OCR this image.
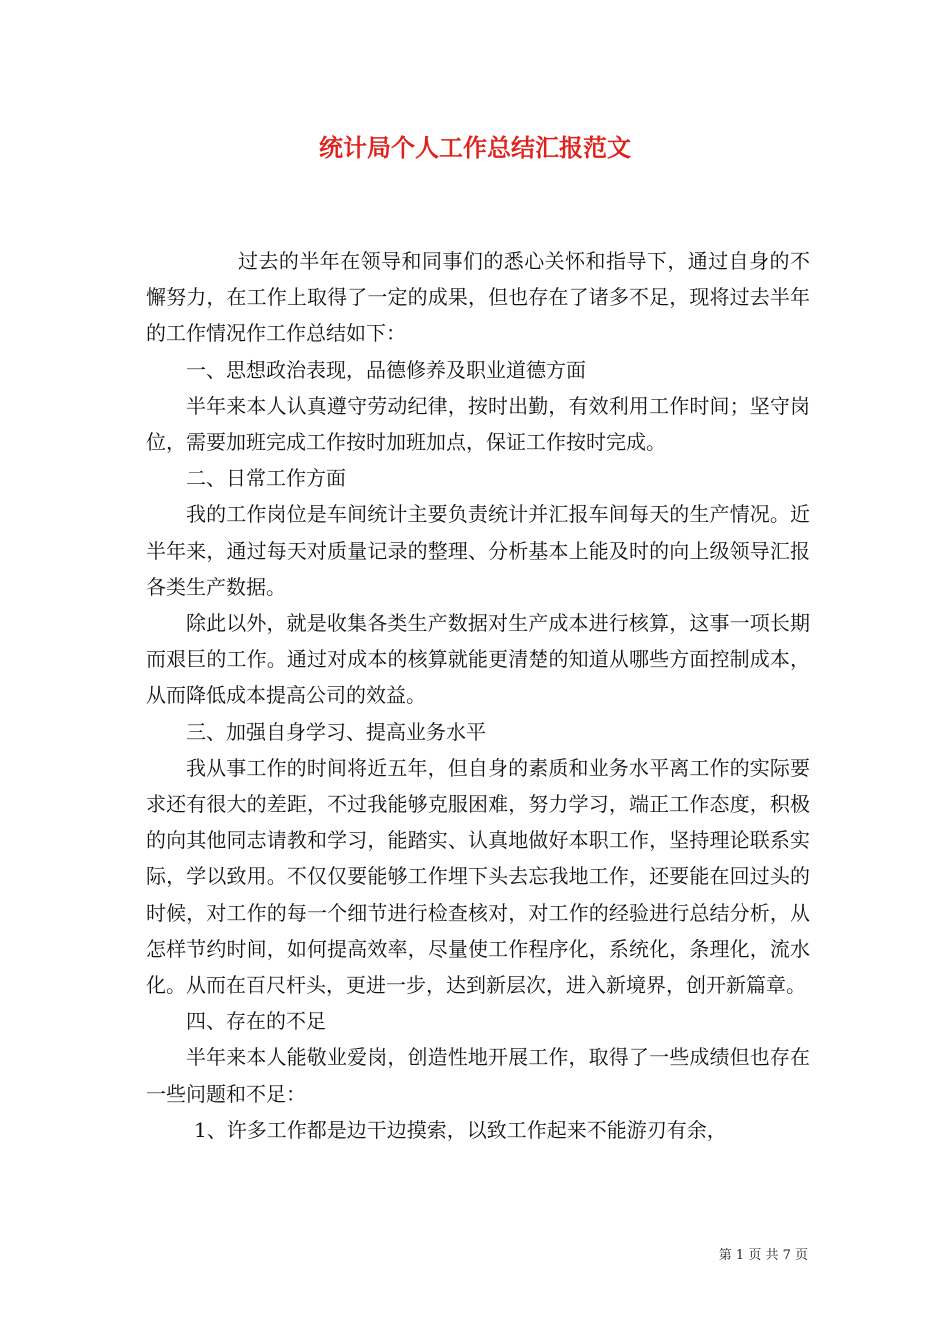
统计局个人工作总结汇报范文

过去的半年在领导和同事们的悉心关怀和指导下，通过自身的不懈努力，在工作上取得了一定的成果，但也存在了诸多不足，现将过去半年的工作情况作工作总结如下：

一、思想政治表现，品德修养及职业道德方面

半年来本人认真遵守劳动纪律，按时出勤，有效利用工作时间；坚守岗位，需要加班完成工作按时加班加点，保证工作按时完成。

二、日常工作方面

我的工作岗位是车间统计主要负责统计并汇报车间每天的生产情况。近半年来，通过每天对质量记录的整理、分析基本上能及时的向上级领导汇报各类生产数据。

除此以外，就是收集各类生产数据对生产成本进行核算，这事一项长期而艰巨的工作。通过对成本的核算就能更清楚的知道从哪些方面控制成本，从而降低成本提高公司的效益。

三、加强自身学习、提高业务水平

我从事工作的时间将近五年，但自身的素质和业务水平离工作的实际要求还有很大的差距，不过我能够克服困难，努力学习，端正工作态度，积极的向其他同志请教和学习，能踏实、认真地做好本职工作，坚持理论联系实际，学以致用。不仅仅要能够工作埋下头去忘我地工作，还要能在回过头的时候，对工作的每一个细节进行检查核对，对工作的经验进行总结分析，从怎样节约时间，如何提高效率，尽量使工作程序化，系统化，条理化，流水化。从而在百尺杆头，更进一步，达到新层次，进入新境界，创开新篇章。

四、存在的不足

半年来本人能敬业爱岗，创造性地开展工作，取得了一些成绩但也存在一些问题和不足：

1、许多工作都是边干边摸索，以致工作起来不能游刃有余，

第 1 页 共 7 页
